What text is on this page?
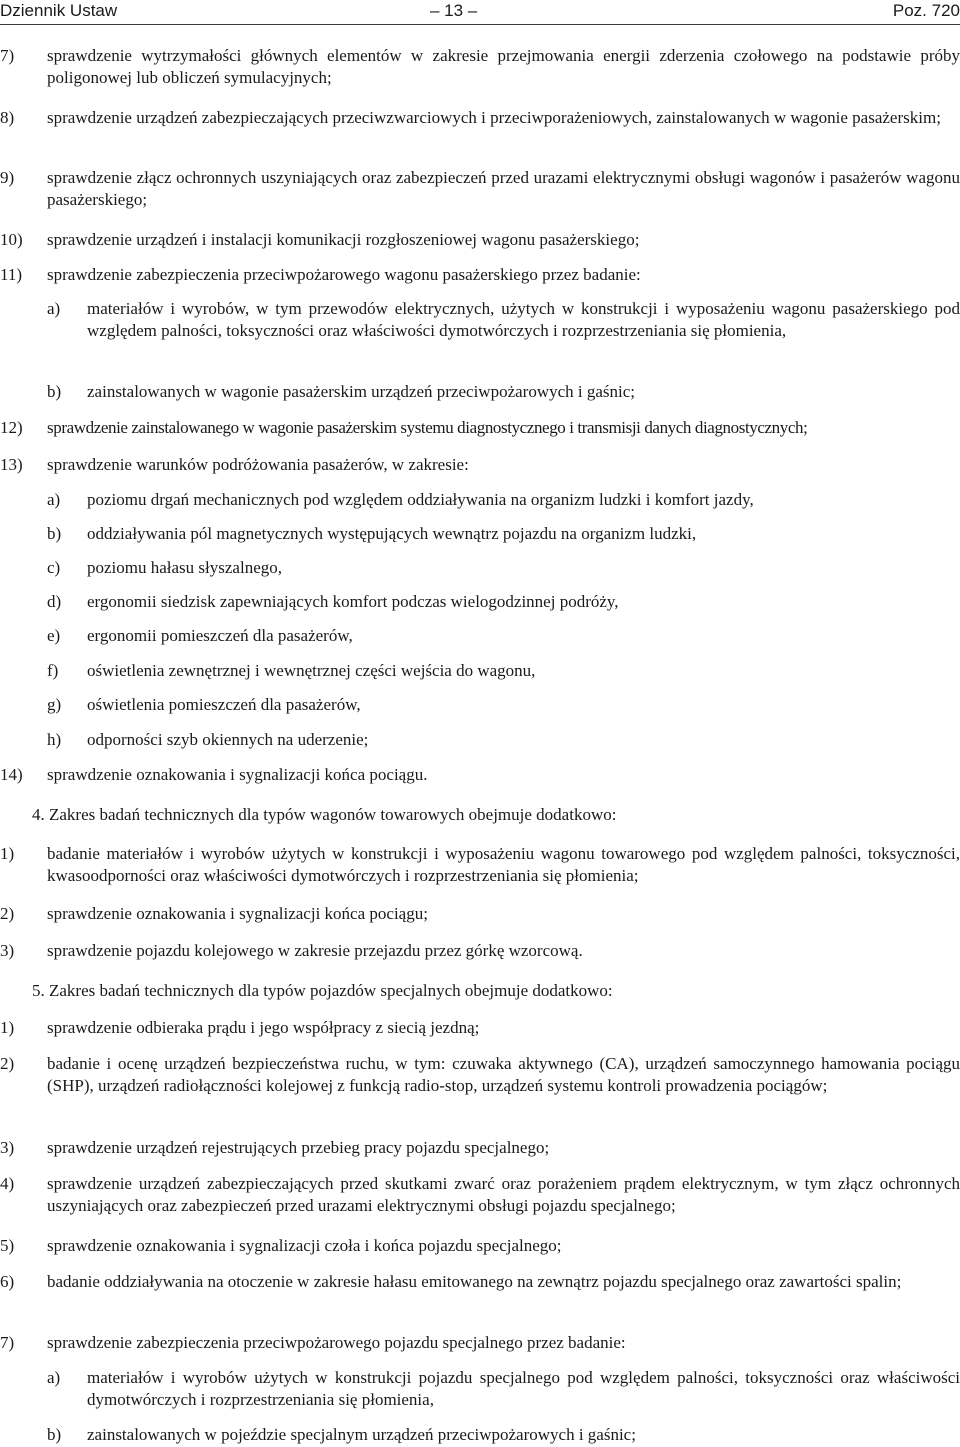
Dziennik Ustaw	– 13 –	Poz. 720
7) sprawdzenie wytrzymałości głównych elementów w zakresie przejmowania energii zderzenia czołowego na podstawie próby poligonowej lub obliczeń symulacyjnych;
8) sprawdzenie urządzeń zabezpieczających przeciwzwarciowych i przeciwporażeniowych, zainstalowanych w wagonie pasażerskim;
9) sprawdzenie złącz ochronnych uszyniających oraz zabezpieczeń przed urazami elektrycznymi obsługi wagonów i pasażerów wagonu pasażerskiego;
10) sprawdzenie urządzeń i instalacji komunikacji rozgłoszeniowej wagonu pasażerskiego;
11) sprawdzenie zabezpieczenia przeciwpożarowego wagonu pasażerskiego przez badanie:
a) materiałów i wyrobów, w tym przewodów elektrycznych, użytych w konstrukcji i wyposażeniu wagonu pasażerskiego pod względem palności, toksyczności oraz właściwości dymotwórczych i rozprzestrzeniania się płomienia,
b) zainstalowanych w wagonie pasażerskim urządzeń przeciwpożarowych i gaśnic;
12) sprawdzenie zainstalowanego w wagonie pasażerskim systemu diagnostycznego i transmisji danych diagnostycznych;
13) sprawdzenie warunków podróżowania pasażerów, w zakresie:
a) poziomu drgań mechanicznych pod względem oddziaływania na organizm ludzki i komfort jazdy,
b) oddziaływania pól magnetycznych występujących wewnątrz pojazdu na organizm ludzki,
c) poziomu hałasu słyszalnego,
d) ergonomii siedzisk zapewniających komfort podczas wielogodzinnej podróży,
e) ergonomii pomieszczeń dla pasażerów,
f) oświetlenia zewnętrznej i wewnętrznej części wejścia do wagonu,
g) oświetlenia pomieszczeń dla pasażerów,
h) odporności szyb okiennych na uderzenie;
14) sprawdzenie oznakowania i sygnalizacji końca pociągu.
4. Zakres badań technicznych dla typów wagonów towarowych obejmuje dodatkowo:
1) badanie materiałów i wyrobów użytych w konstrukcji i wyposażeniu wagonu towarowego pod względem palności, toksyczności, kwasoodporności oraz właściwości dymotwórczych i rozprzestrzeniania się płomienia;
2) sprawdzenie oznakowania i sygnalizacji końca pociągu;
3) sprawdzenie pojazdu kolejowego w zakresie przejazdu przez górkę wzorcową.
5. Zakres badań technicznych dla typów pojazdów specjalnych obejmuje dodatkowo:
1) sprawdzenie odbieraka prądu i jego współpracy z siecią jezdną;
2) badanie i ocenę urządzeń bezpieczeństwa ruchu, w tym: czuwaka aktywnego (CA), urządzeń samoczynnego hamowania pociągu (SHP), urządzeń radiołączności kolejowej z funkcją radio-stop, urządzeń systemu kontroli prowadzenia pociągów;
3) sprawdzenie urządzeń rejestrujących przebieg pracy pojazdu specjalnego;
4) sprawdzenie urządzeń zabezpieczających przed skutkami zwarć oraz porażeniem prądem elektrycznym, w tym złącz ochronnych uszyniających oraz zabezpieczeń przed urazami elektrycznymi obsługi pojazdu specjalnego;
5) sprawdzenie oznakowania i sygnalizacji czoła i końca pojazdu specjalnego;
6) badanie oddziaływania na otoczenie w zakresie hałasu emitowanego na zewnątrz pojazdu specjalnego oraz zawartości spalin;
7) sprawdzenie zabezpieczenia przeciwpożarowego pojazdu specjalnego przez badanie:
a) materiałów i wyrobów użytych w konstrukcji pojazdu specjalnego pod względem palności, toksyczności oraz właściwości dymotwórczych i rozprzestrzeniania się płomienia,
b) zainstalowanych w pojeździe specjalnym urządzeń przeciwpożarowych i gaśnic;
